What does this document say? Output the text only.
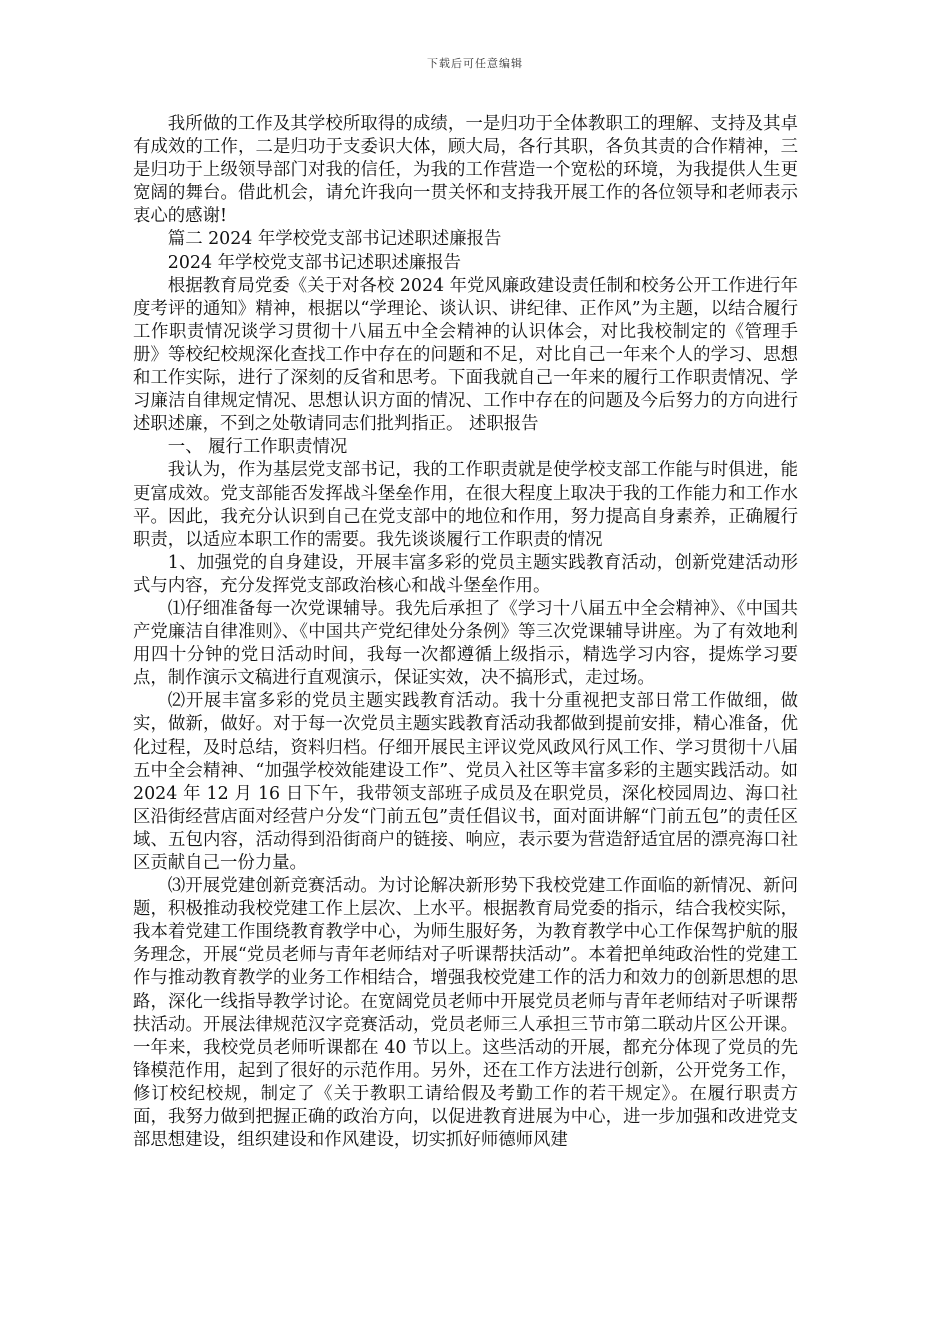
下载后可任意编辑

我所做的工作及其学校所取得的成绩，一是归功于全体教职工的理解、支持及其卓有成效的工作，二是归功于支委识大体，顾大局，各行其职，各负其责的合作精神，三是归功于上级领导部门对我的信任，为我的工作营造一个宽松的环境，为我提供人生更宽阔的舞台。借此机会，请允许我向一贯关怀和支持我开展工作的各位领导和老师表示衷心的感谢!

篇二 2024 年学校党支部书记述职述廉报告

2024 年学校党支部书记述职述廉报告

根据教育局党委《关于对各校 2024 年党风廉政建设责任制和校务公开工作进行年度考评的通知》精神，根据以“学理论、谈认识、讲纪律、正作风”为主题，以结合履行工作职责情况谈学习贯彻十八届五中全会精神的认识体会，对比我校制定的《管理手册》等校纪校规深化查找工作中存在的问题和不足，对比自己一年来个人的学习、思想和工作实际，进行了深刻的反省和思考。下面我就自己一年来的履行工作职责情况、学习廉洁自律规定情况、思想认识方面的情况、工作中存在的问题及今后努力的方向进行述职述廉，不到之处敬请同志们批判指正。 述职报告

一、 履行工作职责情况

我认为，作为基层党支部书记，我的工作职责就是使学校支部工作能与时俱进，能更富成效。党支部能否发挥战斗堡垒作用，在很大程度上取决于我的工作能力和工作水平。因此，我充分认识到自己在党支部中的地位和作用，努力提高自身素养，正确履行职责，以适应本职工作的需要。我先谈谈履行工作职责的情况

1、加强党的自身建设，开展丰富多彩的党员主题实践教育活动，创新党建活动形式与内容，充分发挥党支部政治核心和战斗堡垒作用。

⑴仔细准备每一次党课辅导。我先后承担了《学习十八届五中全会精神》、《中国共产党廉洁自律准则》、《中国共产党纪律处分条例》等三次党课辅导讲座。为了有效地利用四十分钟的党日活动时间，我每一次都遵循上级指示，精选学习内容，提炼学习要点，制作演示文稿进行直观演示，保证实效，决不搞形式，走过场。

⑵开展丰富多彩的党员主题实践教育活动。我十分重视把支部日常工作做细，做实，做新，做好。对于每一次党员主题实践教育活动我都做到提前安排，精心准备，优化过程，及时总结，资料归档。仔细开展民主评议党风政风行风工作、学习贯彻十八届五中全会精神、“加强学校效能建设工作”、党员入社区等丰富多彩的主题实践活动。如 2024 年 12 月 16 日下午，我带领支部班子成员及在职党员，深化校园周边、海口社区沿街经营店面对经营户分发“门前五包”责任倡议书，面对面讲解“门前五包”的责任区域、五包内容，活动得到沿街商户的链接、响应，表示要为营造舒适宜居的漂亮海口社区贡献自己一份力量。

⑶开展党建创新竞赛活动。为讨论解决新形势下我校党建工作面临的新情况、新问题，积极推动我校党建工作上层次、上水平。根据教育局党委的指示，结合我校实际，我本着党建工作围绕教育教学中心，为师生服好务，为教育教学中心工作保驾护航的服务理念，开展“党员老师与青年老师结对子听课帮扶活动”。本着把单纯政治性的党建工作与推动教育教学的业务工作相结合，增强我校党建工作的活力和效力的创新思想的思路，深化一线指导教学讨论。在宽阔党员老师中开展党员老师与青年老师结对子听课帮扶活动。开展法律规范汉字竞赛活动，党员老师三人承担三节市第二联动片区公开课。一年来，我校党员老师听课都在 40 节以上。这些活动的开展，都充分体现了党员的先锋模范作用，起到了很好的示范作用。另外，还在工作方法进行创新，公开党务工作，修订校纪校规，制定了《关于教职工请给假及考勤工作的若干规定》。在履行职责方面，我努力做到把握正确的政治方向，以促进教育进展为中心，进一步加强和改进党支部思想建设，组织建设和作风建设，切实抓好师德师风建
